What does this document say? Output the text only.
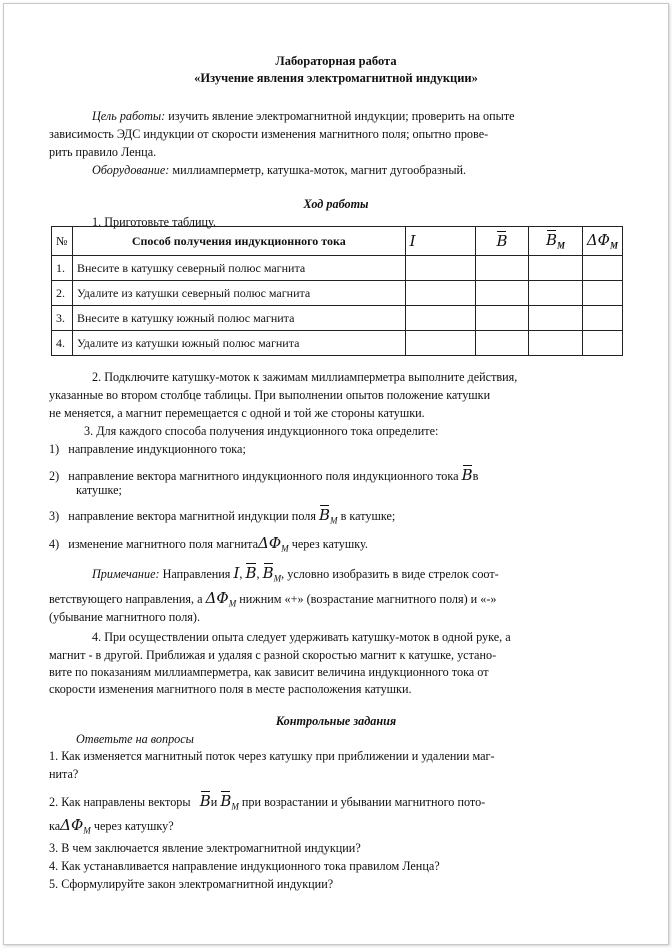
Лабораторная работа
«Изучение явления электромагнитной индукции»
Цель работы: изучить явление электромагнитной индукции; проверить на опыте
зависимость ЭДС индукции от скорости изменения магнитного поля; опытно прове-
рить правило Ленца.
Оборудование: миллиамперметр, катушка-моток, магнит дугообразный.
Ход работы
1. Приготовьте таблицу.
№	Способ получения индукционного тока	I	B	$B_М$	$\Delta\Phi_М$
1.	Внесите в катушку северный полюс магнита				
2.	Удалите из катушки северный полюс магнита				
3.	Внесите в катушку южный полюс магнита				
4.	Удалите из катушки южный полюс магнита				
2. Подключите катушку-моток к зажимам миллиамперметра выполните действия,
указанные во втором столбце таблицы. При выполнении опытов положение катушки
не меняется, а магнит перемещается с одной и той же стороны катушки.
3. Для каждого способа получения индукционного тока определите:
1) направление индукционного тока;
2) направление вектора магнитного индукционного поля индукционного тока Bв
катушке;
3) направление вектора магнитной индукции поля $B_М$ в катушке;
4) изменение магнитного поля магнитаΔΦ$_М$ через катушку.
Примечание: Направления I, B, $B_М$, условно изобразить в виде стрелок соот-
ветствующего направления, а $\Delta\Phi_М$ нижним «+» (возрастание магнитного поля) и «-»
(убывание магнитного поля).
4. При осуществлении опыта следует удерживать катушку-моток в одной руке, а
магнит - в другой. Приближая и удаляя с разной скоростью магнит к катушке, устано-
вите по показаниям миллиамперметра, как зависит величина индукционного тока от
скорости изменения магнитного поля в месте расположения катушки.
Контрольные задания
Ответьте на вопросы
1. Как изменяется магнитный поток через катушку при приближении и удалении маг-
нита?
2. Как направлены векторы Bи $B_М$ при возрастании и убывании магнитного пото-
каΔΦ$_М$ через катушку?
3. В чем заключается явление электромагнитной индукции?
4. Как устанавливается направление индукционного тока правилом Ленца?
5. Сформулируйте закон электромагнитной индукции?
